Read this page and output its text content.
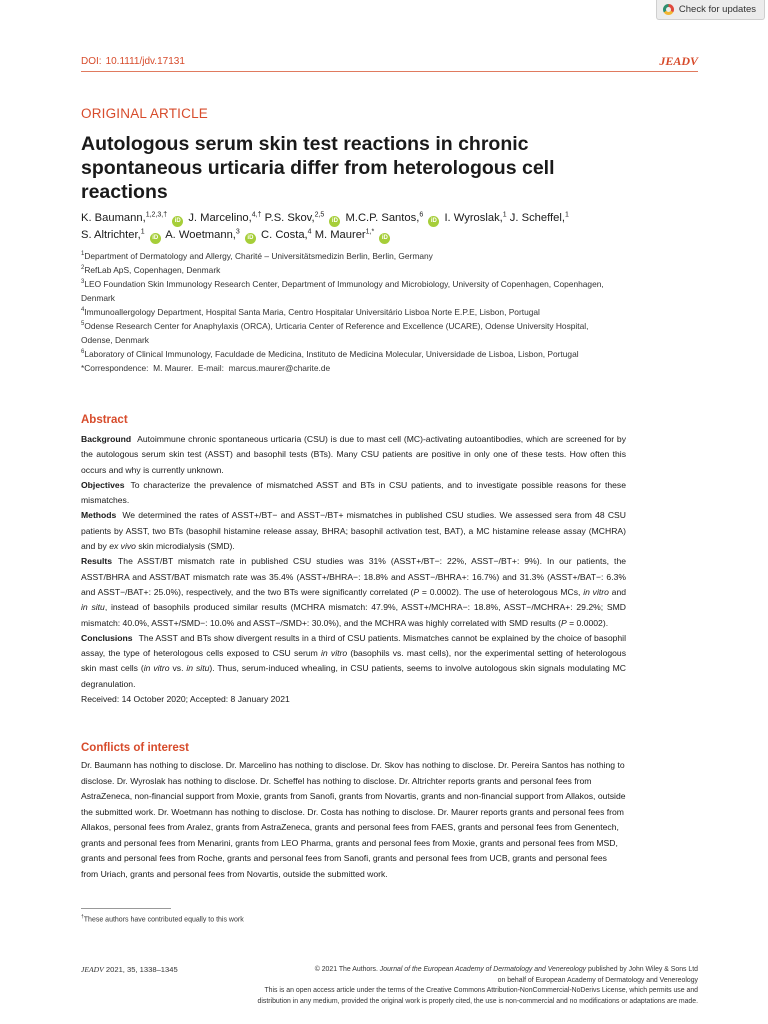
Check for updates
DOI: 10.1111/jdv.17131	JEADV
ORIGINAL ARTICLE
Autologous serum skin test reactions in chronic spontaneous urticaria differ from heterologous cell reactions
K. Baumann,$^{1,2,3,\dagger}$ iD J. Marcelino,$^{4,\dagger}$ P.S. Skov,$^{2,5}$ iD M.C.P. Santos,$^6$ iD I. Wyroslak,$^1$ J. Scheffel,$^1$
S. Altrichter,$^1$ iD A. Woetmann,$^3$ iD C. Costa,$^4$ M. Maurer$^{1,*}$ iD

$^1$Department of Dermatology and Allergy, Charité – Universitätsmedizin Berlin, Berlin, Germany

$^2$RefLab ApS, Copenhagen, Denmark

$^3$LEO Foundation Skin Immunology Research Center, Department of Immunology and Microbiology, University of Copenhagen, Copenhagen, Denmark

$^4$Immunoallergology Department, Hospital Santa Maria, Centro Hospitalar Universitário Lisboa Norte E.P.E, Lisbon, Portugal

$^5$Odense Research Center for Anaphylaxis (ORCA), Urticaria Center of Reference and Excellence (UCARE), Odense University Hospital, Odense, Denmark

$^6$Laboratory of Clinical Immunology, Faculdade de Medicina, Instituto de Medicina Molecular, Universidade de Lisboa, Lisbon, Portugal

*Correspondence: M. Maurer. E-mail: marcus.maurer@charite.de

Abstract

Background Autoimmune chronic spontaneous urticaria (CSU) is due to mast cell (MC)-activating autoantibodies, which are screened for by the autologous serum skin test (ASST) and basophil tests (BTs). Many CSU patients are positive in only one of these tests. How often this occurs and why is currently unknown.

Objectives To characterize the prevalence of mismatched ASST and BTs in CSU patients, and to investigate possible reasons for these mismatches.

Methods We determined the rates of ASST+/BT− and ASST−/BT+ mismatches in published CSU studies. We assessed sera from 48 CSU patients by ASST, two BTs (basophil histamine release assay, BHRA; basophil activation test, BAT), a MC histamine release assay (MCHRA) and by ex vivo skin microdialysis (SMD).

Results The ASST/BT mismatch rate in published CSU studies was 31% (ASST+/BT−: 22%, ASST−/BT+: 9%). In our patients, the ASST/BHRA and ASST/BAT mismatch rate was 35.4% (ASST+/BHRA−: 18.8% and ASST−/BHRA+: 16.7%) and 31.3% (ASST+/BAT−: 6.3% and ASST−/BAT+: 25.0%), respectively, and the two BTs were significantly correlated (P = 0.0002). The use of heterologous MCs, in vitro and in situ, instead of basophils produced similar results (MCHRA mismatch: 47.9%, ASST+/MCHRA−: 18.8%, ASST−/MCHRA+: 29.2%; SMD mismatch: 40.0%, ASST+/SMD−: 10.0% and ASST−/SMD+: 30.0%), and the MCHRA was highly correlated with SMD results (P = 0.0002).

Conclusions The ASST and BTs show divergent results in a third of CSU patients. Mismatches cannot be explained by the choice of basophil assay, the type of heterologous cells exposed to CSU serum in vitro (basophils vs. mast cells), nor the experimental setting of heterologous skin mast cells (in vitro vs. in situ). Thus, serum-induced whealing, in CSU patients, seems to involve autologous skin signals modulating MC degranulation.

Received: 14 October 2020; Accepted: 8 January 2021

Conflicts of interest
Dr. Baumann has nothing to disclose. Dr. Marcelino has nothing to disclose. Dr. Skov has nothing to disclose. Dr. Pereira Santos has nothing to disclose. Dr. Wyroslak has nothing to disclose. Dr. Scheffel has nothing to disclose. Dr. Altrichter reports grants and personal fees from AstraZeneca, non-financial support from Moxie, grants from Sanofi, grants from Novartis, grants and non-financial support from Allakos, outside the submitted work. Dr. Woetmann has nothing to disclose. Dr. Costa has nothing to disclose. Dr. Maurer reports grants and personal fees from Allakos, personal fees from Aralez, grants from AstraZeneca, grants and personal fees from FAES, grants and personal fees from Genentech, grants and personal fees from Menarini, grants from LEO Pharma, grants and personal fees from Moxie, grants and personal fees from MSD, grants and personal fees from Roche, grants and personal fees from Sanofi, grants and personal fees from UCB, grants and personal fees from Uriach, grants and personal fees from Novartis, outside the submitted work.
†These authors have contributed equally to this work
JEADV 2021, 35, 1338–1345	© 2021 The Authors. Journal of the European Academy of Dermatology and Venereology published by John Wiley & Sons Ltd
on behalf of European Academy of Dermatology and Venereology
This is an open access article under the terms of the Creative Commons Attribution-NonCommercial-NoDerivs License, which permits use and
distribution in any medium, provided the original work is properly cited, the use is non-commercial and no modifications or adaptations are made.
